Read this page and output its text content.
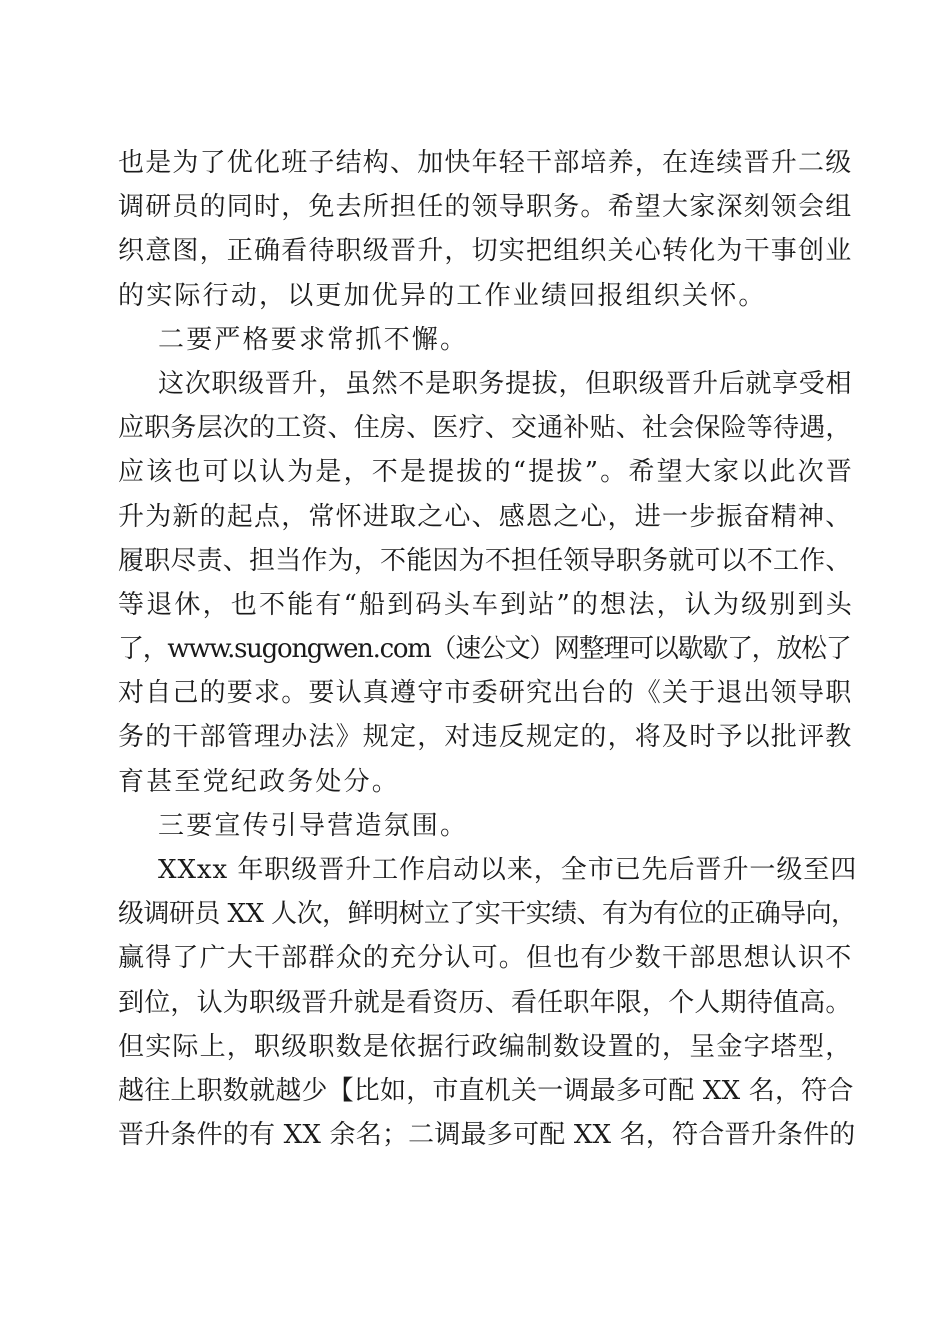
也是为了优化班子结构、加快年轻干部培养，在连续晋升二级
调研员的同时，免去所担任的领导职务。希望大家深刻领会组
织意图，正确看待职级晋升，切实把组织关心转化为干事创业
的实际行动，以更加优异的工作业绩回报组织关怀。
二要严格要求常抓不懈。
这次职级晋升，虽然不是职务提拔，但职级晋升后就享受相
应职务层次的工资、住房、医疗、交通补贴、社会保险等待遇，
应该也可以认为是，不是提拔的“提拔”。希望大家以此次晋
升为新的起点，常怀进取之心、感恩之心，进一步振奋精神、
履职尽责、担当作为，不能因为不担任领导职务就可以不工作、
等退休，也不能有“船到码头车到站”的想法，认为级别到头
了，www.sugongwen.com（速公文）网整理可以歇歇了，放松了
对自己的要求。要认真遵守市委研究出台的《关于退出领导职
务的干部管理办法》规定，对违反规定的，将及时予以批评教
育甚至党纪政务处分。
三要宣传引导营造氛围。
XXxx 年职级晋升工作启动以来，全市已先后晋升一级至四
级调研员 XX 人次，鲜明树立了实干实绩、有为有位的正确导向，
赢得了广大干部群众的充分认可。但也有少数干部思想认识不
到位，认为职级晋升就是看资历、看任职年限，个人期待值高。
但实际上，职级职数是依据行政编制数设置的，呈金字塔型，
越往上职数就越少【比如，市直机关一调最多可配 XX 名，符合
晋升条件的有 XX 余名；二调最多可配 XX 名，符合晋升条件的
